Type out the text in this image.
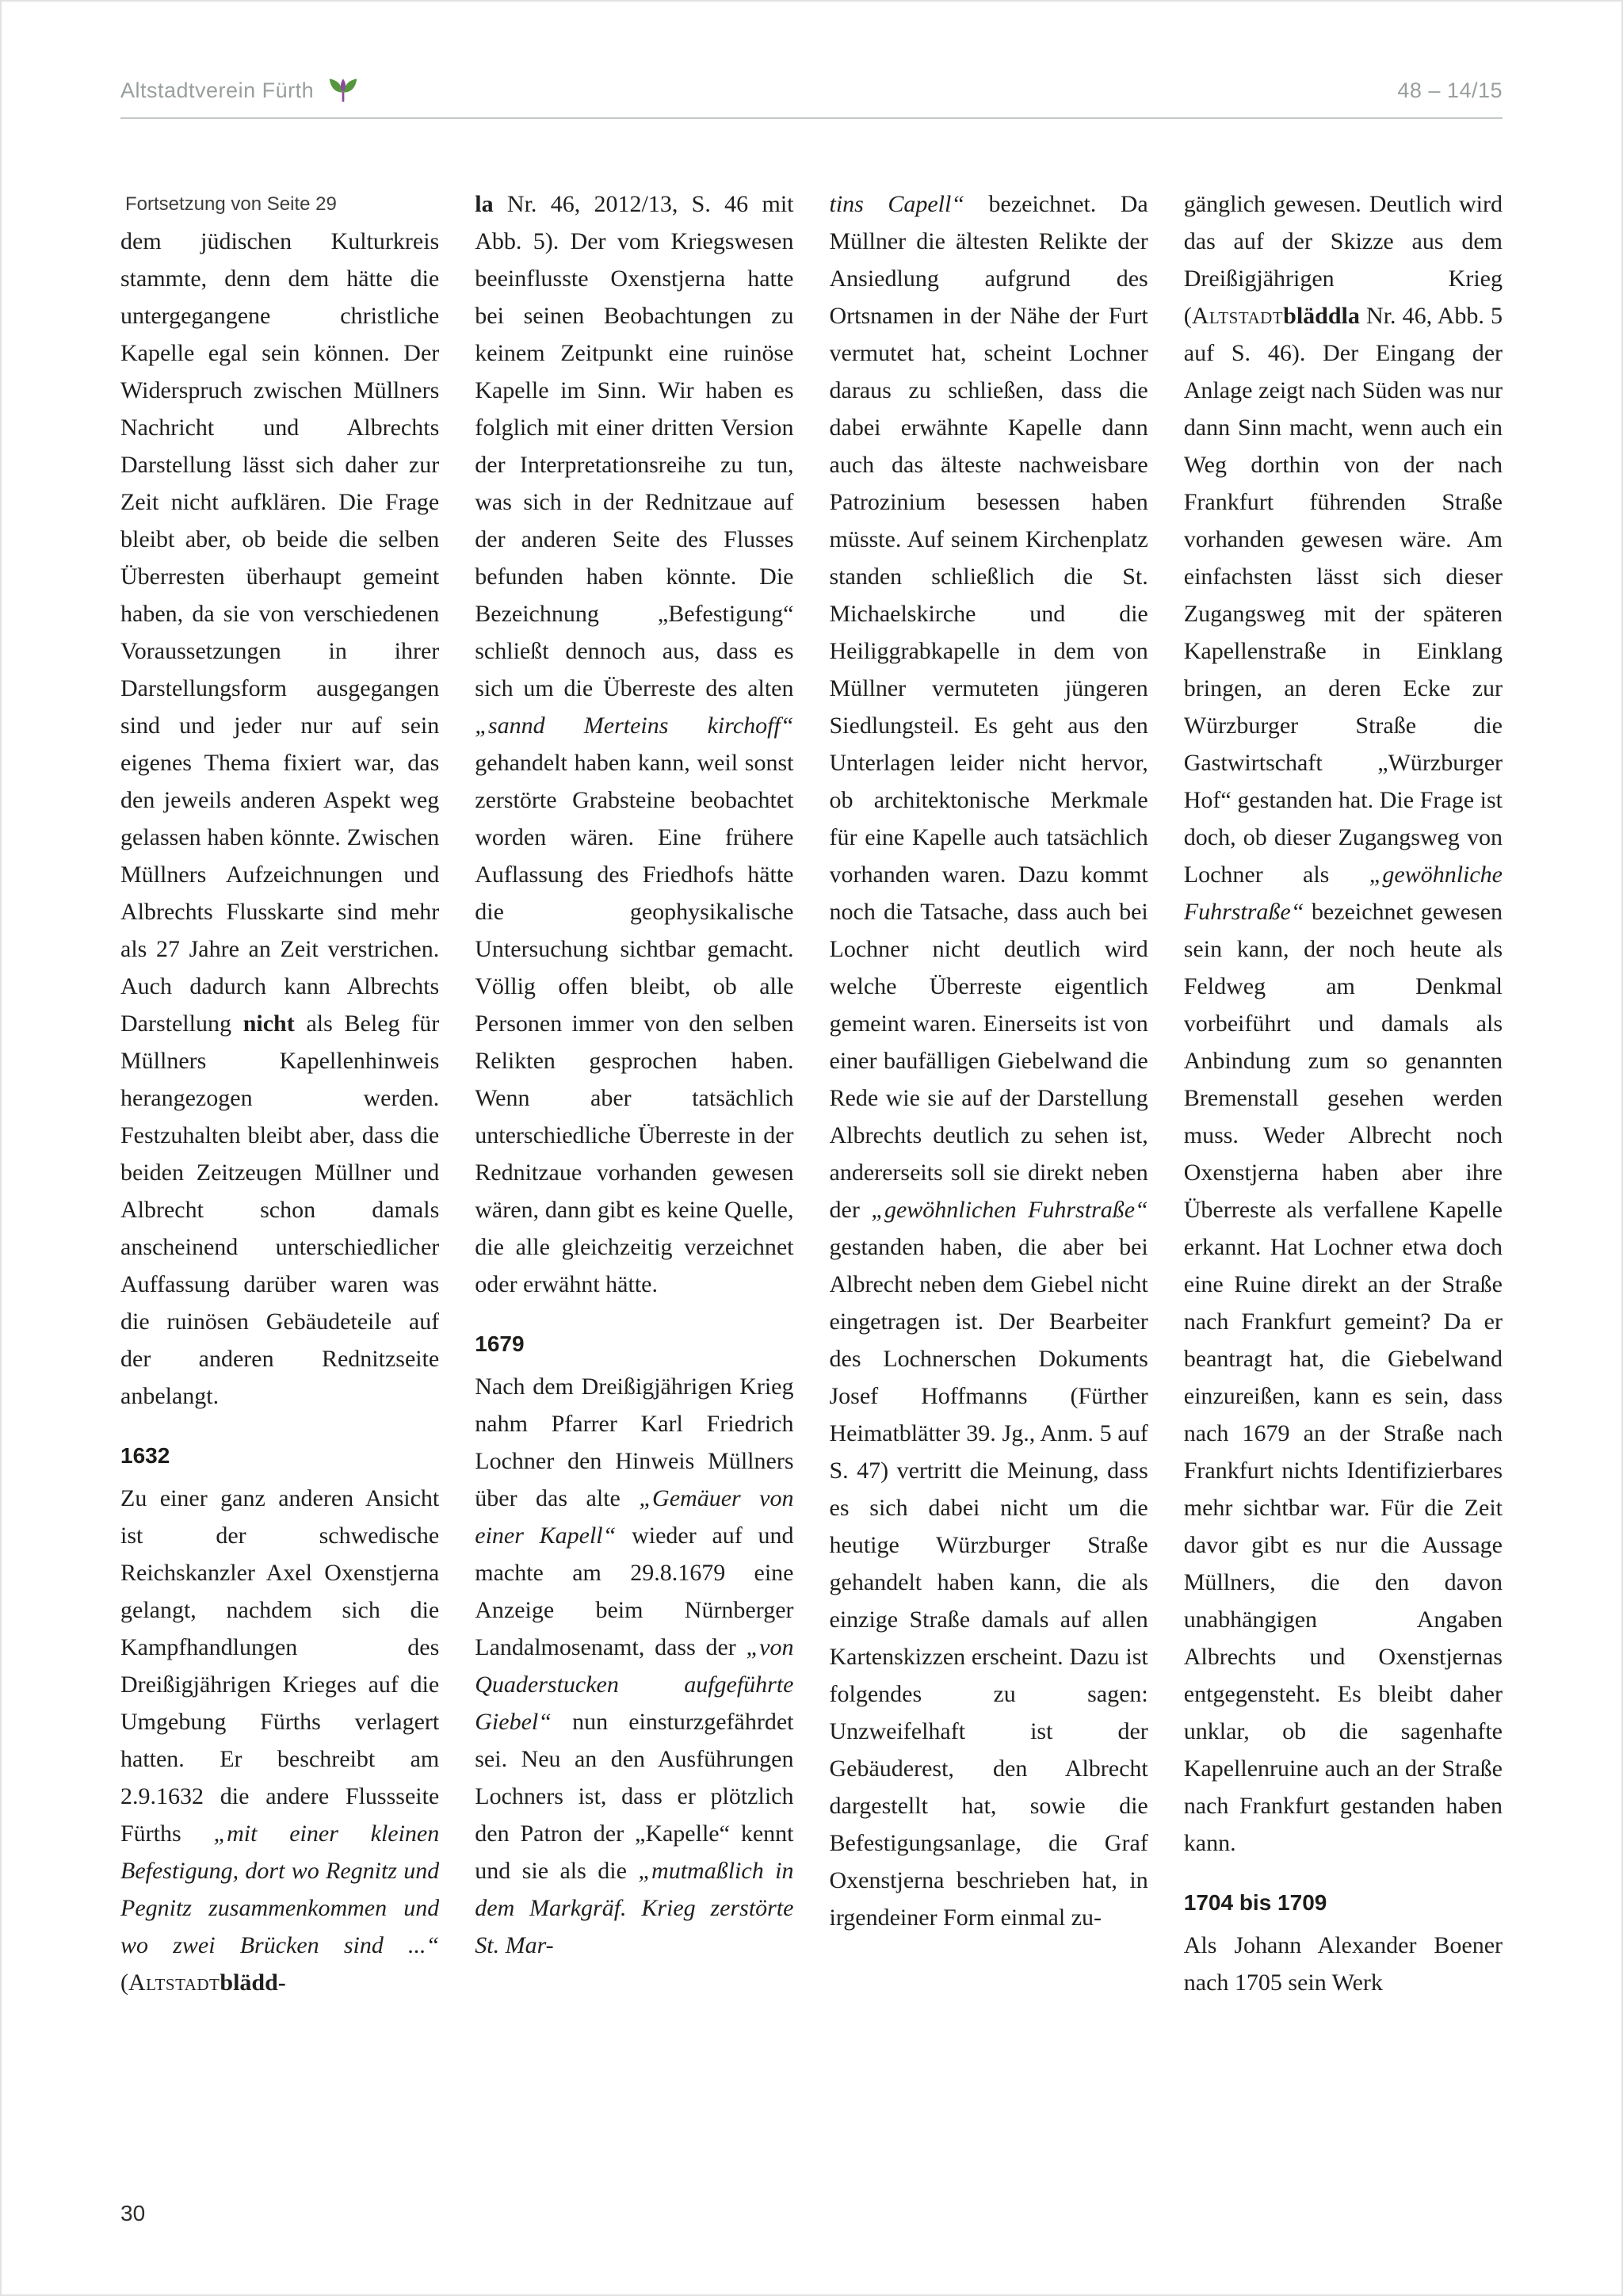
Altstadtverein Fürth	48 – 14/15
Fortsetzung von Seite 29

dem jüdischen Kulturkreis stammte, denn dem hätte die untergegangene christliche Kapelle egal sein können. Der Widerspruch zwischen Müllners Nachricht und Albrechts Darstellung lässt sich daher zur Zeit nicht aufklären. Die Frage bleibt aber, ob beide die selben Überresten überhaupt gemeint haben, da sie von verschiedenen Voraussetzungen in ihrer Darstellungsform ausgegangen sind und jeder nur auf sein eigenes Thema fixiert war, das den jeweils anderen Aspekt weg gelassen haben könnte. Zwischen Müllners Aufzeichnungen und Albrechts Flusskarte sind mehr als 27 Jahre an Zeit verstrichen. Auch dadurch kann Albrechts Darstellung nicht als Beleg für Müllners Kapellenhinweis herangezogen werden. Festzuhalten bleibt aber, dass die beiden Zeitzeugen Müllner und Albrecht schon damals anscheinend unterschiedlicher Auffassung darüber waren was die ruinösen Gebäudeteile auf der anderen Rednitzseite anbelangt.

1632

Zu einer ganz anderen Ansicht ist der schwedische Reichskanzler Axel Oxenstjerna gelangt, nachdem sich die Kampfhandlungen des Dreißigjährigen Krieges auf die Umgebung Fürths verlagert hatten. Er beschreibt am 2.9.1632 die andere Flussseite Fürths „mit einer kleinen Befestigung, dort wo Regnitz und Pegnitz zusammenkommen und wo zwei Brücken sind ...“ (Altstadtblädd-

la Nr. 46, 2012/13, S. 46 mit Abb. 5). Der vom Kriegswesen beeinflusste Oxenstjerna hatte bei seinen Beobachtungen zu keinem Zeitpunkt eine ruinöse Kapelle im Sinn. Wir haben es folglich mit einer dritten Version der Interpretationsreihe zu tun, was sich in der Rednitzaue auf der anderen Seite des Flusses befunden haben könnte. Die Bezeichnung „Befestigung“ schließt dennoch aus, dass es sich um die Überreste des alten „sannd Merteins kirchoff“ gehandelt haben kann, weil sonst zerstörte Grabsteine beobachtet worden wären. Eine frühere Auflassung des Friedhofs hätte die geophysikalische Untersuchung sichtbar gemacht. Völlig offen bleibt, ob alle Personen immer von den selben Relikten gesprochen haben. Wenn aber tatsächlich unterschiedliche Überreste in der Rednitzaue vorhanden gewesen wären, dann gibt es keine Quelle, die alle gleichzeitig verzeichnet oder erwähnt hätte.

1679

Nach dem Dreißigjährigen Krieg nahm Pfarrer Karl Friedrich Lochner den Hinweis Müllners über das alte „Gemäuer von einer Kapell“ wieder auf und machte am 29.8.1679 eine Anzeige beim Nürnberger Landalmosenamt, dass der „von Quaderstucken aufgeführte Giebel“ nun einsturzgefährdet sei. Neu an den Ausführungen Lochners ist, dass er plötzlich den Patron der „Kapelle“ kennt und sie als die „mutmaßlich in dem Markgräf. Krieg zerstörte St. Mar-

tins Capell“ bezeichnet. Da Müllner die ältesten Relikte der Ansiedlung aufgrund des Ortsnamen in der Nähe der Furt vermutet hat, scheint Lochner daraus zu schließen, dass die dabei erwähnte Kapelle dann auch das älteste nachweisbare Patrozinium besessen haben müsste. Auf seinem Kirchenplatz standen schließlich die St. Michaelskirche und die Heiliggrabkapelle in dem von Müllner vermuteten jüngeren Siedlungsteil. Es geht aus den Unterlagen leider nicht hervor, ob architektonische Merkmale für eine Kapelle auch tatsächlich vorhanden waren. Dazu kommt noch die Tatsache, dass auch bei Lochner nicht deutlich wird welche Überreste eigentlich gemeint waren. Einerseits ist von einer baufälligen Giebelwand die Rede wie sie auf der Darstellung Albrechts deutlich zu sehen ist, andererseits soll sie direkt neben der „gewöhnlichen Fuhrstraße“ gestanden haben, die aber bei Albrecht neben dem Giebel nicht eingetragen ist. Der Bearbeiter des Lochnerschen Dokuments Josef Hoffmanns (Fürther Heimatblätter 39. Jg., Anm. 5 auf S. 47) vertritt die Meinung, dass es sich dabei nicht um die heutige Würzburger Straße gehandelt haben kann, die als einzige Straße damals auf allen Kartenskizzen erscheint. Dazu ist folgendes zu sagen: Unzweifelhaft ist der Gebäuderest, den Albrecht dargestellt hat, sowie die Befestigungsanlage, die Graf Oxenstjerna beschrieben hat, in irgendeiner Form einmal zu-

gänglich gewesen. Deutlich wird das auf der Skizze aus dem Dreißigjährigen Krieg (Altstadtbläddla Nr. 46, Abb. 5 auf S. 46). Der Eingang der Anlage zeigt nach Süden was nur dann Sinn macht, wenn auch ein Weg dorthin von der nach Frankfurt führenden Straße vorhanden gewesen wäre. Am einfachsten lässt sich dieser Zugangsweg mit der späteren Kapellenstraße in Einklang bringen, an deren Ecke zur Würzburger Straße die Gastwirtschaft „Würzburger Hof“ gestanden hat. Die Frage ist doch, ob dieser Zugangsweg von Lochner als „gewöhnliche Fuhrstraße“ bezeichnet gewesen sein kann, der noch heute als Feldweg am Denkmal vorbeiführt und damals als Anbindung zum so genannten Bremenstall gesehen werden muss. Weder Albrecht noch Oxenstjerna haben aber ihre Überreste als verfallene Kapelle erkannt. Hat Lochner etwa doch eine Ruine direkt an der Straße nach Frankfurt gemeint? Da er beantragt hat, die Giebelwand einzureißen, kann es sein, dass nach 1679 an der Straße nach Frankfurt nichts Identifizierbares mehr sichtbar war. Für die Zeit davor gibt es nur die Aussage Müllners, die den davon unabhängigen Angaben Albrechts und Oxenstjernas entgegensteht. Es bleibt daher unklar, ob die sagenhafte Kapellenruine auch an der Straße nach Frankfurt gestanden haben kann.

1704 bis 1709

Als Johann Alexander Boener nach 1705 sein Werk

30
